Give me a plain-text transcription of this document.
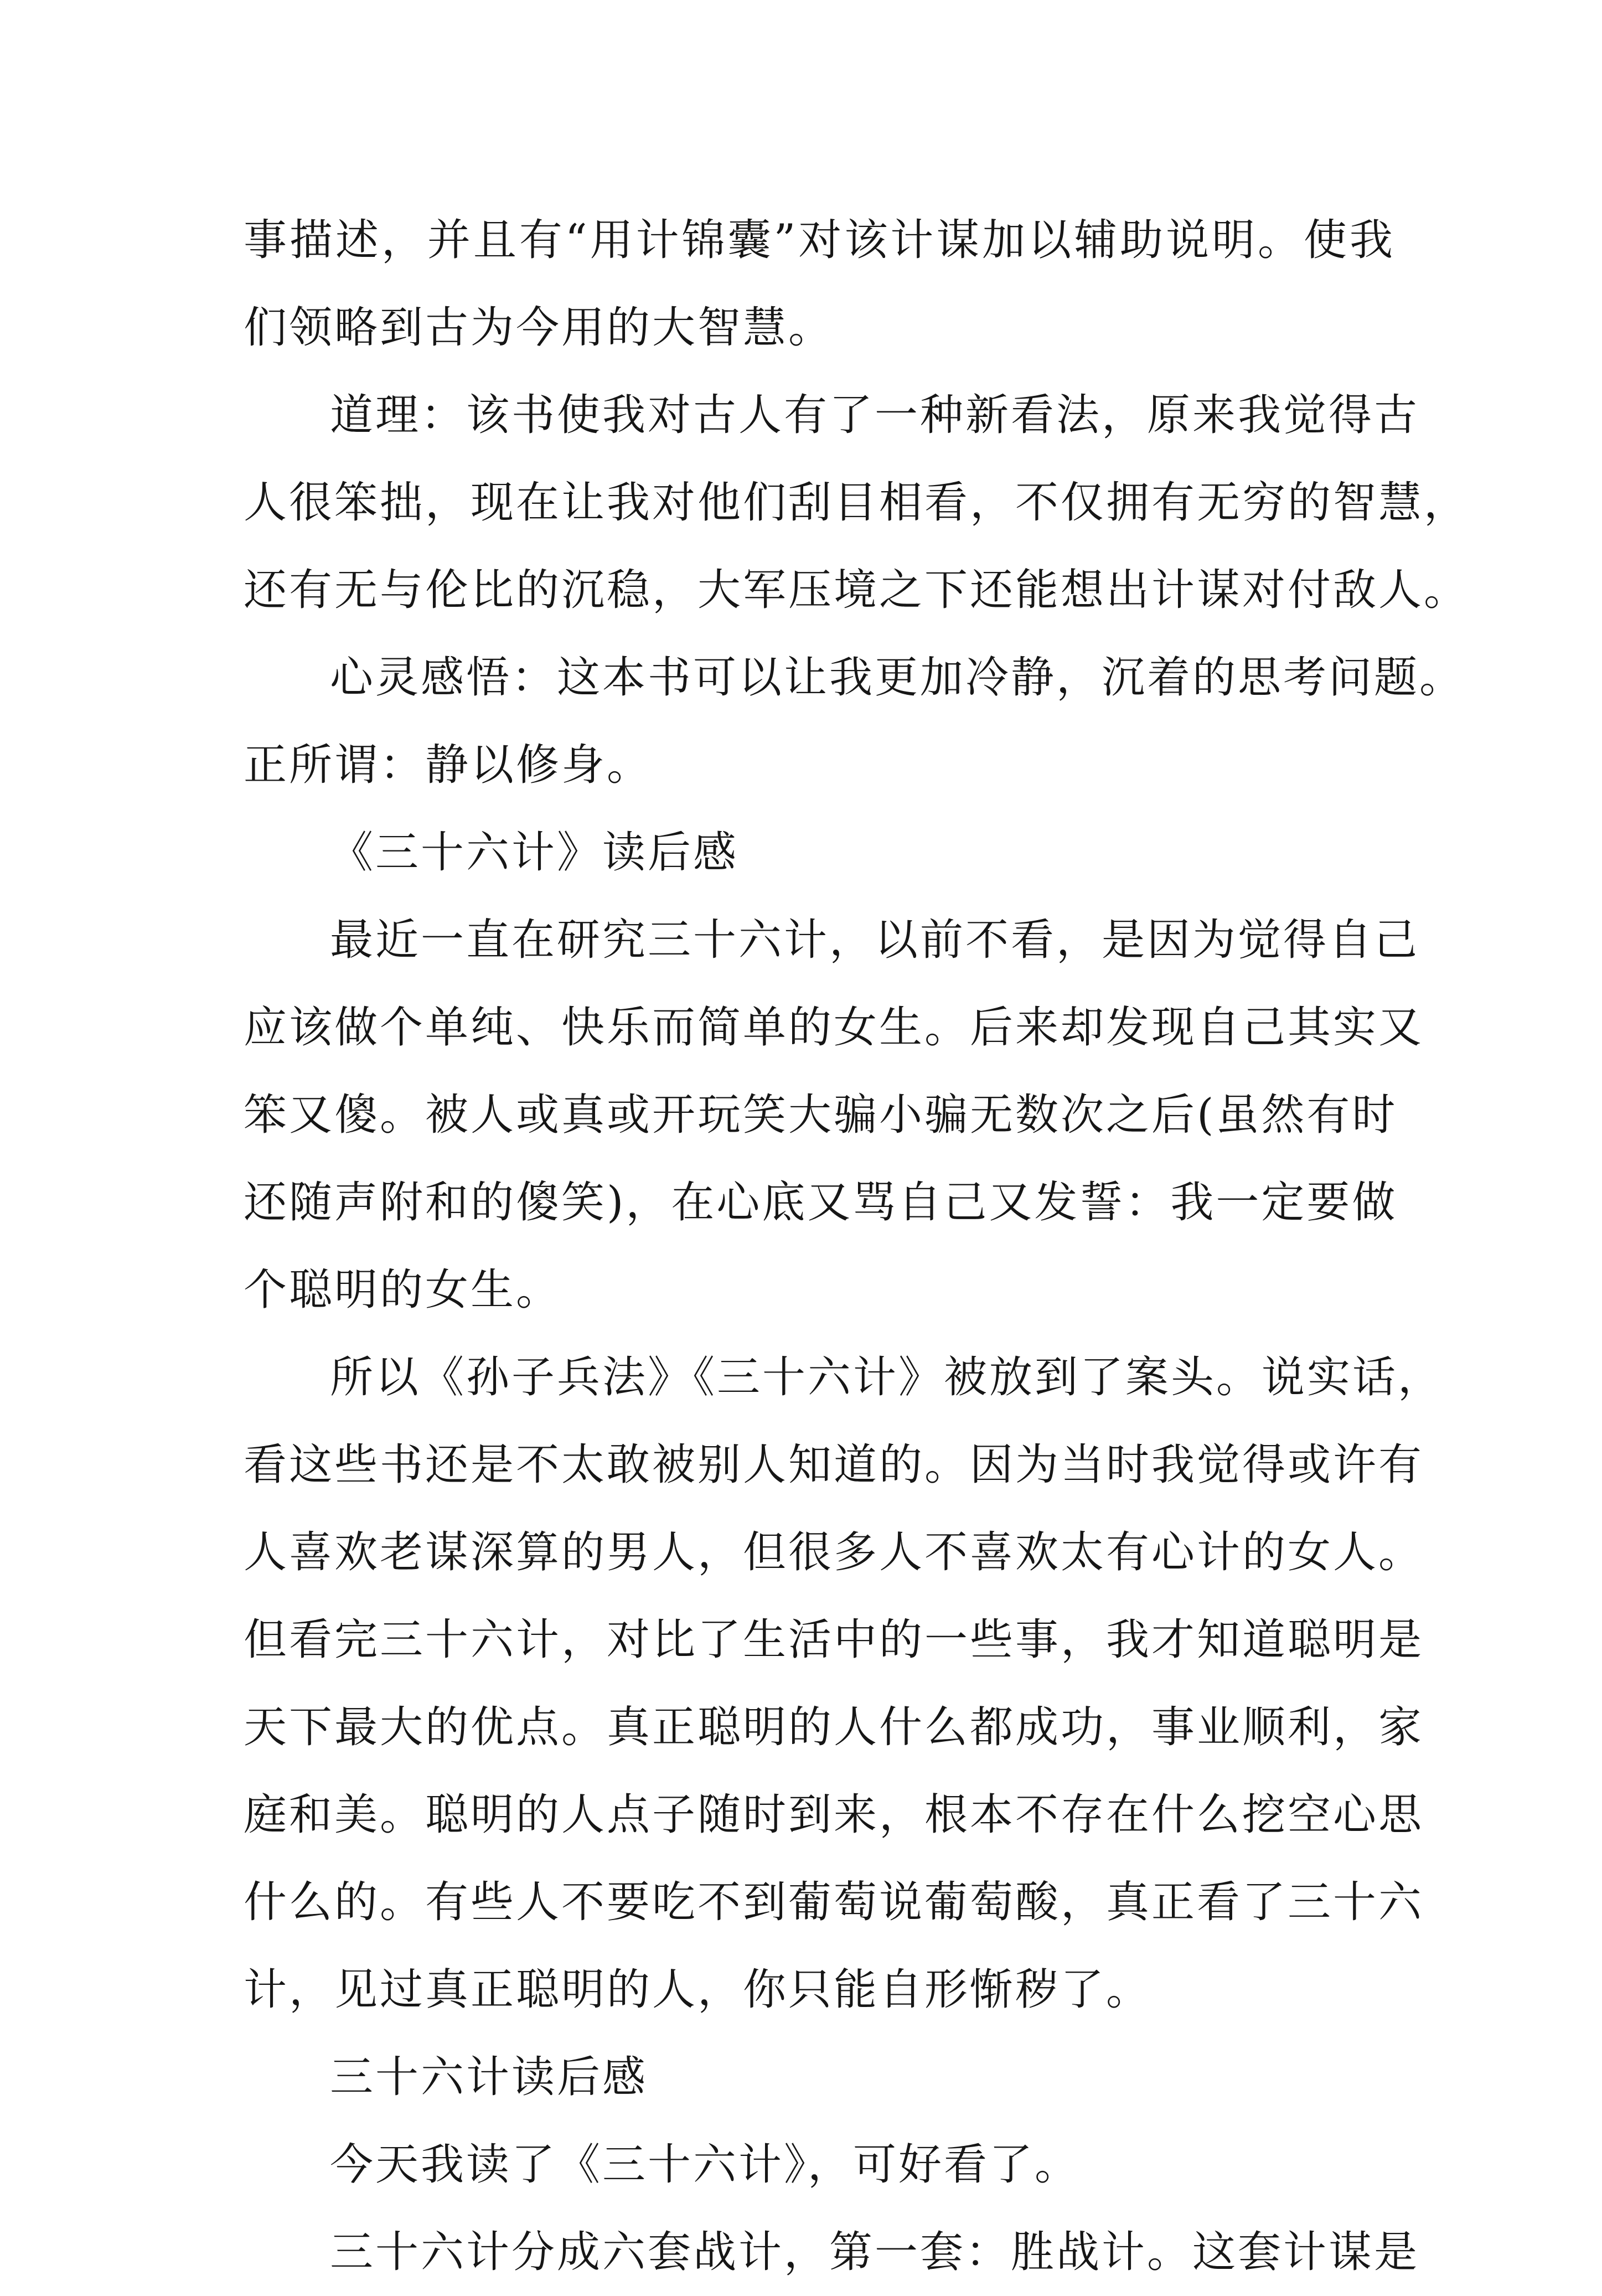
事描述，并且有“用计锦囊”对该计谋加以辅助说明。使我
们领略到古为今用的大智慧。
道理：该书使我对古人有了一种新看法，原来我觉得古
人很笨拙，现在让我对他们刮目相看，不仅拥有无穷的智慧，
还有无与伦比的沉稳，大军压境之下还能想出计谋对付敌人。
心灵感悟：这本书可以让我更加冷静，沉着的思考问题。
正所谓：静以修身。
《三十六计》读后感
最近一直在研究三十六计，以前不看，是因为觉得自己
应该做个单纯、快乐而简单的女生。后来却发现自己其实又
笨又傻。被人或真或开玩笑大骗小骗无数次之后(虽然有时
还随声附和的傻笑)，在心底又骂自己又发誓：我一定要做
个聪明的女生。
所以《孙子兵法》《三十六计》被放到了案头。说实话，
看这些书还是不太敢被别人知道的。因为当时我觉得或许有
人喜欢老谋深算的男人，但很多人不喜欢太有心计的女人。
但看完三十六计，对比了生活中的一些事，我才知道聪明是
天下最大的优点。真正聪明的人什么都成功，事业顺利，家
庭和美。聪明的人点子随时到来，根本不存在什么挖空心思
什么的。有些人不要吃不到葡萄说葡萄酸，真正看了三十六
计，见过真正聪明的人，你只能自形惭秽了。
三十六计读后感
今天我读了《三十六计》，可好看了。
三十六计分成六套战计，第一套：胜战计。这套计谋是
